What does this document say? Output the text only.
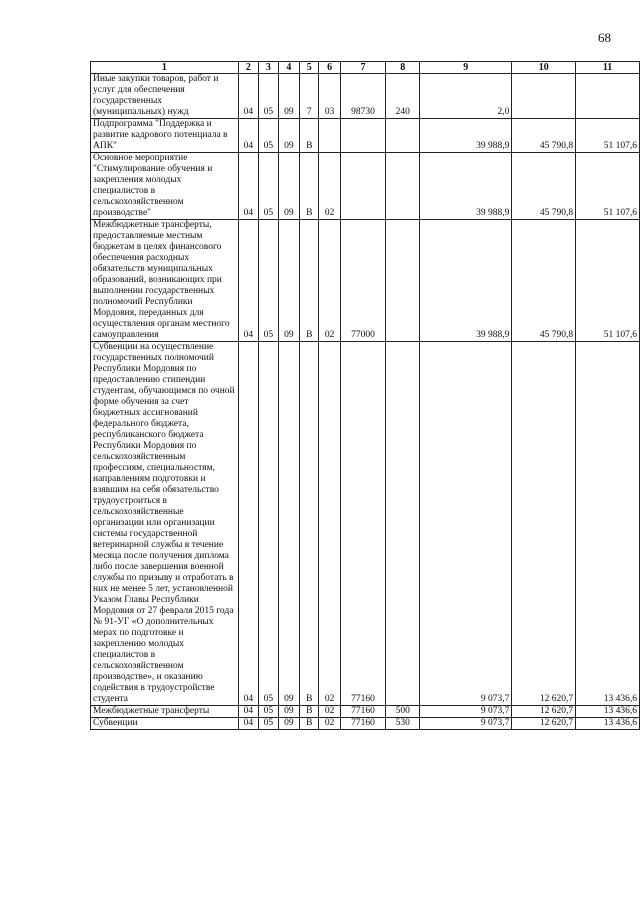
68
1	2	3	4	5	6	7	8	9	10	11
Иные закупки товаров, работ и услуг для обеспечения государственных (муниципальных) нужд	04	05	09	7	03	98730	240	2,0		
Подпрограмма "Поддержка и развитие кадрового потенциала в АПК"	04	05	09	В				39 988,9	45 790,8	51 107,6
Основное мероприятие "Стимулирование обучения и закрепления молодых специалистов в сельскохозяйственном производстве"	04	05	09	В	02			39 988,9	45 790,8	51 107,6
Межбюджетные трансферты, предоставляемые местным бюджетам в целях финансового обеспечения расходных обязательств муниципальных образований, возникающих при выполнении государственных полномочий Республики Мордовия, переданных для осуществления органам местного самоуправления	04	05	09	В	02	77000		39 988,9	45 790,8	51 107,6
Субвенции на осуществление государственных полномочий Республики Мордовия по предоставлению стипендии студентам, обучающимся по очной форме обучения за счет бюджетных ассигнований федерального бюджета, республиканского бюджета Республики Мордовия по сельскохозяйственным профессиям, специальностям, направлениям подготовки и взявшим на себя обязательство трудоустроиться в сельскохозяйственные организации или организации системы государственной ветеринарной службы в течение месяца после получения диплома либо после завершения военной службы по призыву и отработать в них не менее 5 лет, установленной Указом Главы Республики Мордовия от 27 февраля 2015 года № 91-УГ «О дополнительных мерах по подготовке и закреплению молодых специалистов в сельскохозяйственном производстве», и оказанию содействия в трудоустройстве студента	04	05	09	В	02	77160		9 073,7	12 620,7	13 436,6
Межбюджетные трансферты	04	05	09	В	02	77160	500	9 073,7	12 620,7	13 436,6
Субвенции	04	05	09	В	02	77160	530	9 073,7	12 620,7	13 436,6
